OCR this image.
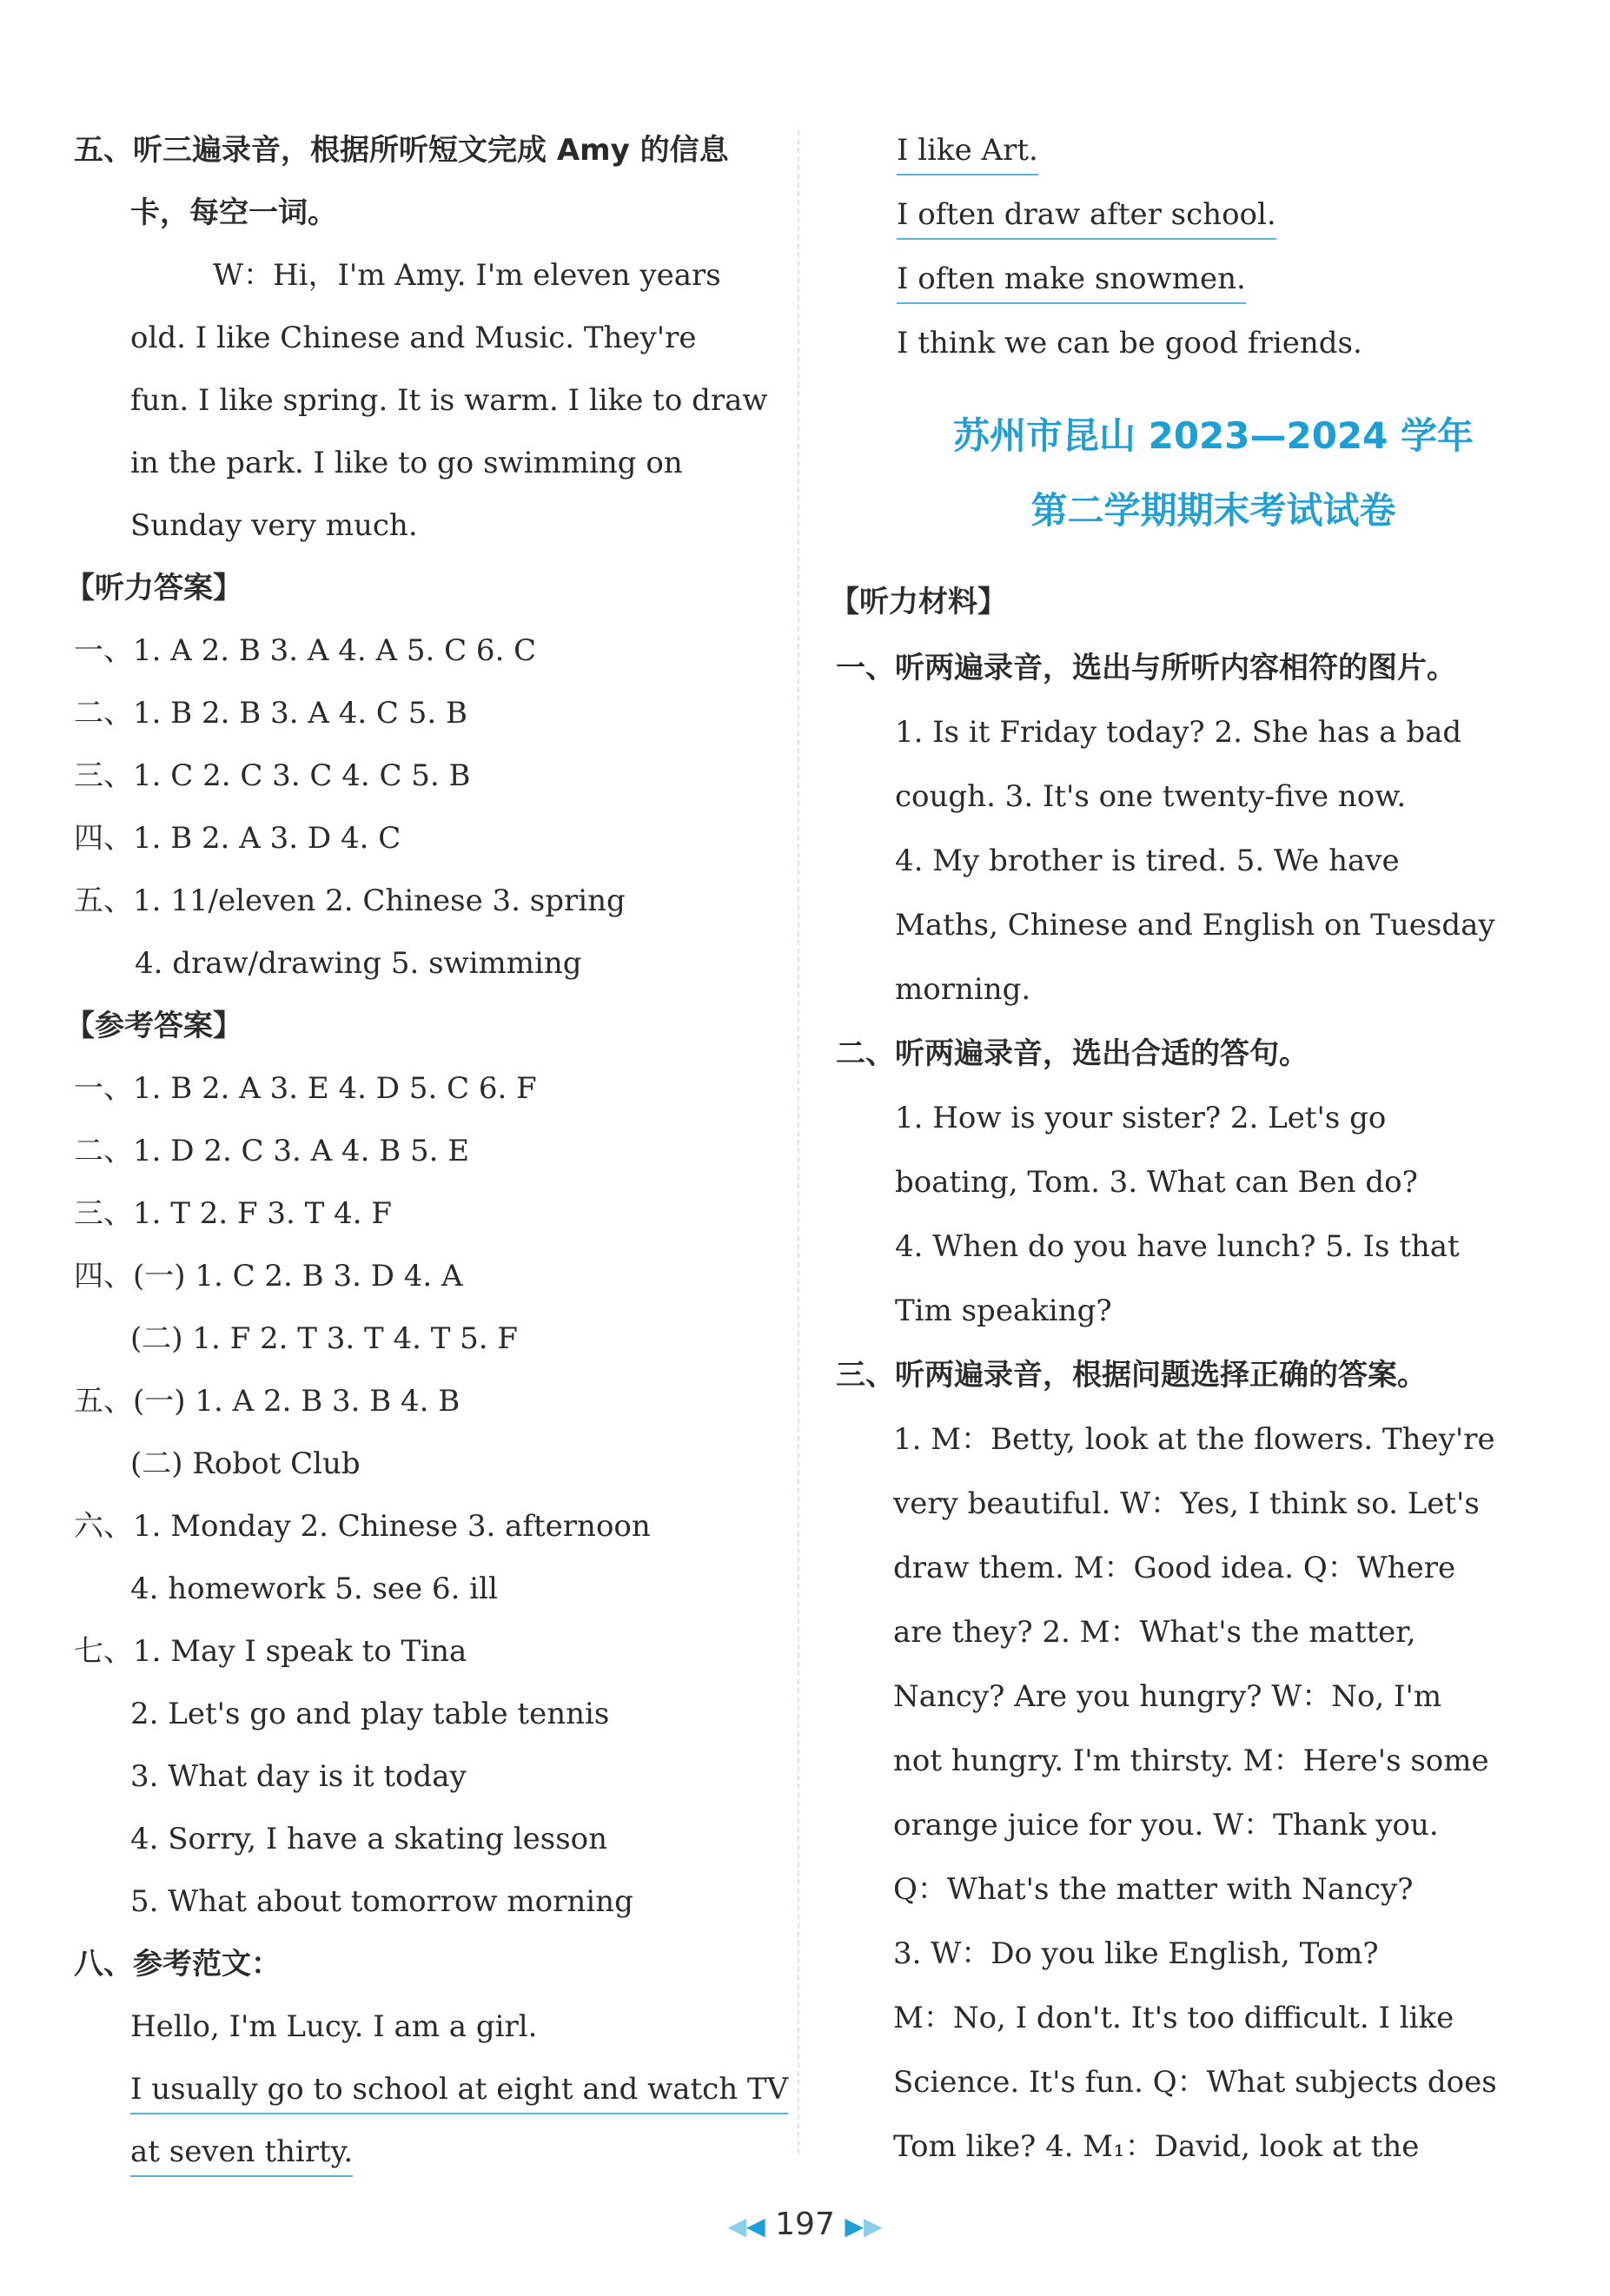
五、听三遍录音，根据所听短文完成 Amy 的信息
卡，每空一词。
W：Hi，I'm Amy. I'm eleven years
old. I like Chinese and Music. They're
fun. I like spring. It is warm. I like to draw
in the park. I like to go swimming on
Sunday very much.
【听力答案】
一、1. A 2. B 3. A 4. A 5. C 6. C
二、1. B 2. B 3. A 4. C 5. B
三、1. C 2. C 3. C 4. C 5. B
四、1. B 2. A 3. D 4. C
五、1. 11/eleven 2. Chinese 3. spring
4. draw/drawing 5. swimming
【参考答案】
一、1. B 2. A 3. E 4. D 5. C 6. F
二、1. D 2. C 3. A 4. B 5. E
三、1. T 2. F 3. T 4. F
四、(一) 1. C 2. B 3. D 4. A
(二) 1. F 2. T 3. T 4. T 5. F
五、(一) 1. A 2. B 3. B 4. B
(二) Robot Club
六、1. Monday 2. Chinese 3. afternoon
4. homework 5. see 6. ill
七、1. May I speak to Tina
2. Let's go and play table tennis
3. What day is it today
4. Sorry, I have a skating lesson
5. What about tomorrow morning
八、参考范文：
Hello, I'm Lucy. I am a girl.
I usually go to school at eight and watch TV
at seven thirty.
I like Art.
I often draw after school.
I often make snowmen.
I think we can be good friends.
苏州市昆山 2023—2024 学年
第二学期期末考试试卷
【听力材料】
一、听两遍录音，选出与所听内容相符的图片。
1. Is it Friday today? 2. She has a bad
cough. 3. It's one twenty-five now.
4. My brother is tired. 5. We have
Maths, Chinese and English on Tuesday
morning.
二、听两遍录音，选出合适的答句。
1. How is your sister? 2. Let's go
boating, Tom. 3. What can Ben do?
4. When do you have lunch? 5. Is that
Tim speaking?
三、听两遍录音，根据问题选择正确的答案。
1. M：Betty, look at the flowers. They're
very beautiful. W：Yes, I think so. Let's
draw them. M：Good idea. Q：Where
are they? 2. M：What's the matter,
Nancy? Are you hungry? W：No, I'm
not hungry. I'm thirsty. M：Here's some
orange juice for you. W：Thank you.
Q：What's the matter with Nancy?
3. W：Do you like English, Tom?
M：No, I don't. It's too difficult. I like
Science. It's fun. Q：What subjects does
Tom like? 4. M₁：David, look at the
◀◀ 197 ▶▶
